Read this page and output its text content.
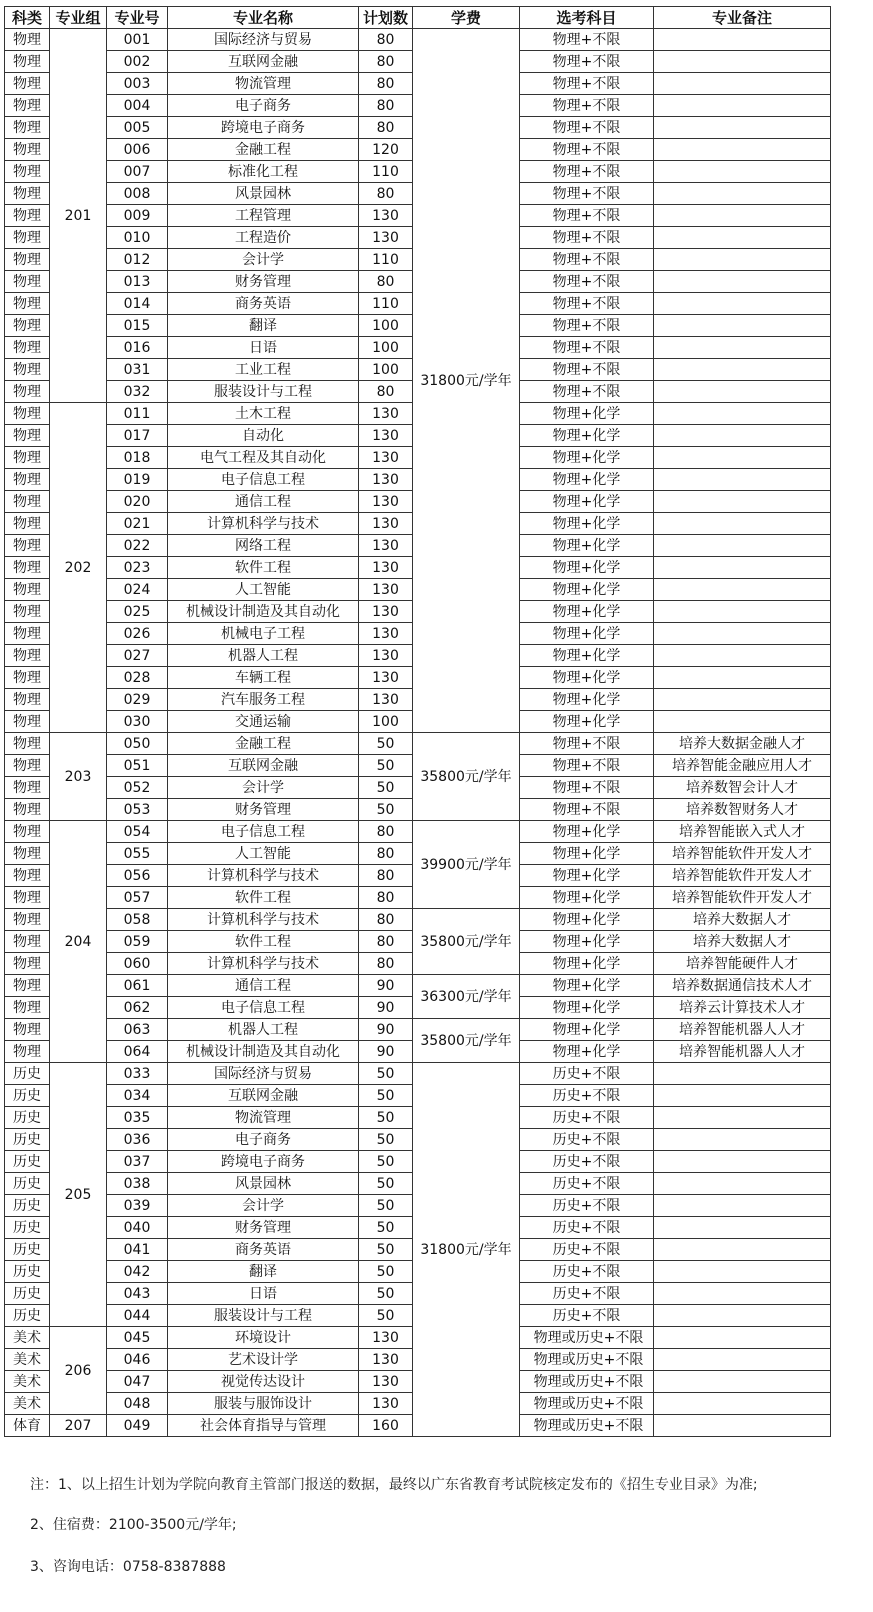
科类	专业组	专业号	专业名称	计划数	学费	选考科目	专业备注
物理	201	001	国际经济与贸易	80	31800元/学年	物理+不限	
物理		002	互联网金融	80		物理+不限	
物理		003	物流管理	80		物理+不限	
物理		004	电子商务	80		物理+不限	
物理		005	跨境电子商务	80		物理+不限	
物理		006	金融工程	120		物理+不限	
物理		007	标准化工程	110		物理+不限	
物理		008	风景园林	80		物理+不限	
物理		009	工程管理	130		物理+不限	
物理		010	工程造价	130		物理+不限	
物理		012	会计学	110		物理+不限	
物理		013	财务管理	80		物理+不限	
物理		014	商务英语	110		物理+不限	
物理		015	翻译	100		物理+不限	
物理		016	日语	100		物理+不限	
物理		031	工业工程	100		物理+不限	
物理		032	服装设计与工程	80		物理+不限	
物理	202	011	土木工程	130		物理+化学	
物理		017	自动化	130		物理+化学	
物理		018	电气工程及其自动化	130		物理+化学	
物理		019	电子信息工程	130		物理+化学	
物理		020	通信工程	130		物理+化学	
物理		021	计算机科学与技术	130		物理+化学	
物理		022	网络工程	130		物理+化学	
物理		023	软件工程	130		物理+化学	
物理		024	人工智能	130		物理+化学	
物理		025	机械设计制造及其自动化	130		物理+化学	
物理		026	机械电子工程	130		物理+化学	
物理		027	机器人工程	130		物理+化学	
物理		028	车辆工程	130		物理+化学	
物理		029	汽车服务工程	130		物理+化学	
物理		030	交通运输	100		物理+化学	
物理	203	050	金融工程	50	35800元/学年	物理+不限	培养大数据金融人才
物理		051	互联网金融	50		物理+不限	培养智能金融应用人才
物理		052	会计学	50		物理+不限	培养数智会计人才
物理		053	财务管理	50		物理+不限	培养数智财务人才
物理	204	054	电子信息工程	80	39900元/学年	物理+化学	培养智能嵌入式人才
物理		055	人工智能	80		物理+化学	培养智能软件开发人才
物理		056	计算机科学与技术	80		物理+化学	培养智能软件开发人才
物理		057	软件工程	80		物理+化学	培养智能软件开发人才
物理		058	计算机科学与技术	80	35800元/学年	物理+化学	培养大数据人才
物理		059	软件工程	80		物理+化学	培养大数据人才
物理		060	计算机科学与技术	80		物理+化学	培养智能硬件人才
物理		061	通信工程	90	36300元/学年	物理+化学	培养数据通信技术人才
物理		062	电子信息工程	90		物理+化学	培养云计算技术人才
物理		063	机器人工程	90	35800元/学年	物理+化学	培养智能机器人人才
物理		064	机械设计制造及其自动化	90		物理+化学	培养智能机器人人才
历史	205	033	国际经济与贸易	50	31800元/学年	历史+不限	
历史		034	互联网金融	50		历史+不限	
历史		035	物流管理	50		历史+不限	
历史		036	电子商务	50		历史+不限	
历史		037	跨境电子商务	50		历史+不限	
历史		038	风景园林	50		历史+不限	
历史		039	会计学	50		历史+不限	
历史		040	财务管理	50		历史+不限	
历史		041	商务英语	50		历史+不限	
历史		042	翻译	50		历史+不限	
历史		043	日语	50		历史+不限	
历史		044	服装设计与工程	50		历史+不限	
美术	206	045	环境设计	130		物理或历史+不限	
美术		046	艺术设计学	130		物理或历史+不限	
美术		047	视觉传达设计	130		物理或历史+不限	
美术		048	服装与服饰设计	130		物理或历史+不限	
体育	207	049	社会体育指导与管理	160		物理或历史+不限	

注：1、以上招生计划为学院向教育主管部门报送的数据，最终以广东省教育考试院核定发布的《招生专业目录》为准;

2、住宿费：2100-3500元/学年;

3、咨询电话：0758-8387888
